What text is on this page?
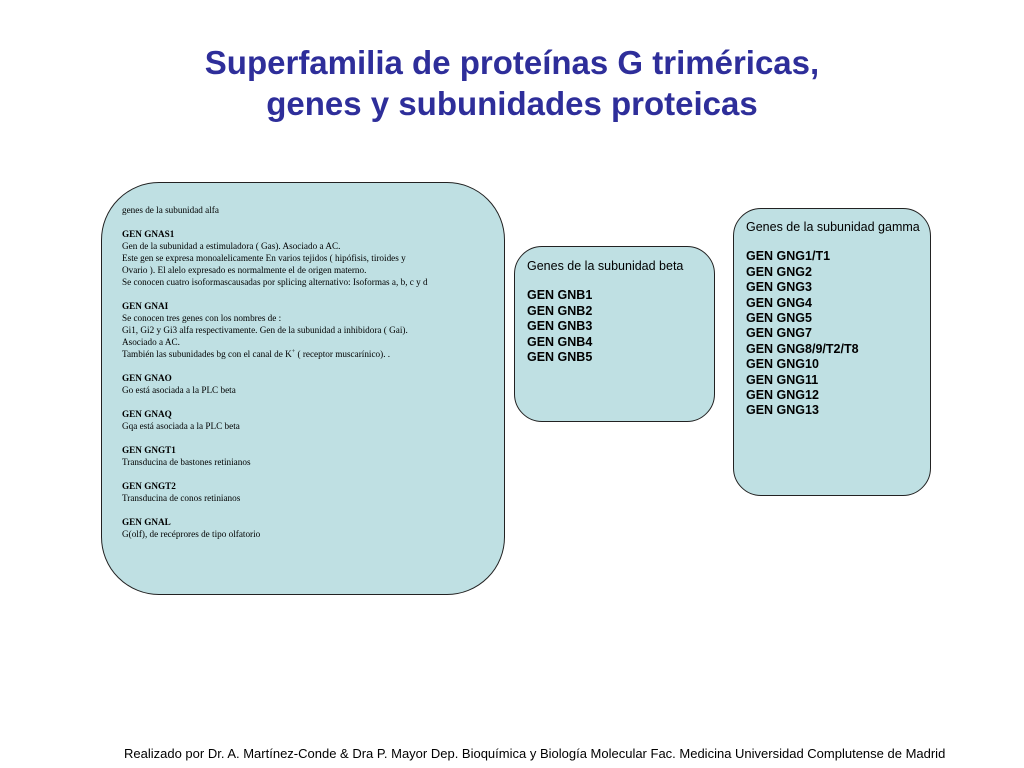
Superfamilia de proteínas G triméricas,
genes y subunidades proteicas
genes de la subunidad alfa
GEN GNAS1
Gen de la subunidad a estimuladora ( Gas). Asociado a AC.
Este gen se expresa monoalelicamente En varios tejidos ( hipófisis, tiroides y
Ovario ). El alelo expresado es normalmente el de origen materno.
Se conocen cuatro isoformascausadas por splicing alternativo: Isoformas a, b, c y d
GEN GNAI
Se conocen tres genes con los nombres de :
Gi1, Gi2 y Gi3 alfa respectivamente. Gen de la subunidad a inhibidora ( Gai).
Asociado a AC.
También las subunidades bg con el canal de K+ ( receptor muscarínico). .
GEN GNAO
Go está asociada a la PLC beta
GEN GNAQ
Gqa está asociada a la PLC beta
GEN GNGT1
Transducina de bastones retinianos
GEN GNGT2
Transducina de conos retinianos
GEN GNAL
G(olf), de recéprores de tipo olfatorio
Genes de la subunidad beta
GEN GNB1
GEN GNB2
GEN GNB3
GEN GNB4
GEN GNB5
Genes de la subunidad gamma
GEN GNG1/T1
GEN GNG2
GEN GNG3
GEN GNG4
GEN GNG5
GEN GNG7
GEN GNG8/9/T2/T8
GEN GNG10
GEN GNG11
GEN GNG12
GEN GNG13
Realizado por Dr. A. Martínez-Conde & Dra P. Mayor Dep. Bioquímica y Biología Molecular Fac. Medicina Universidad Complutense de Madrid
